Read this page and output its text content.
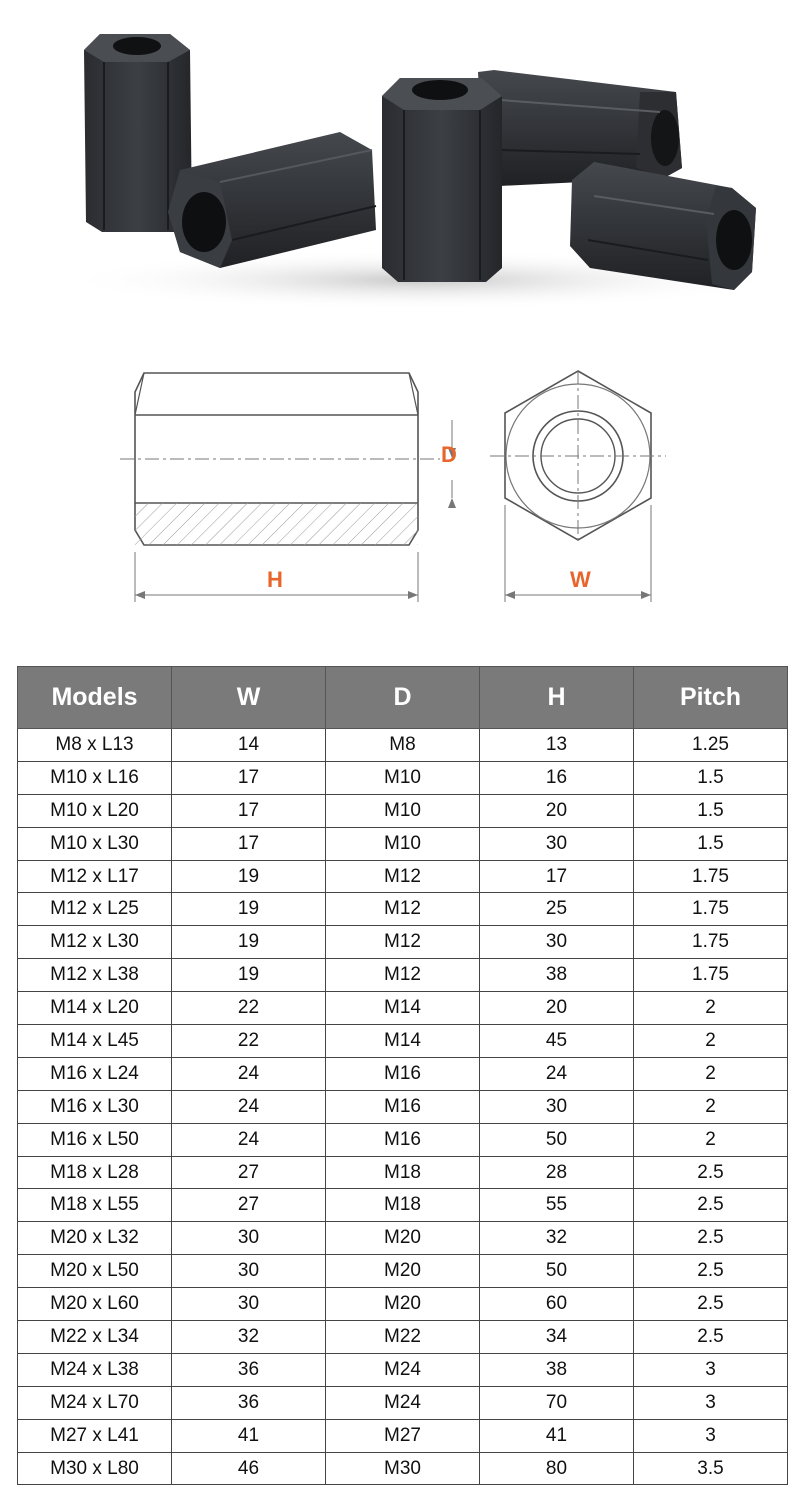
D
H	W
Models	W	D	H	Pitch
M8 x L13	14	M8	13	1.25
M10 x L16	17	M10	16	1.5
M10 x L20	17	M10	20	1.5
M10 x L30	17	M10	30	1.5
M12 x L17	19	M12	17	1.75
M12 x L25	19	M12	25	1.75
M12 x L30	19	M12	30	1.75
M12 x L38	19	M12	38	1.75
M14 x L20	22	M14	20	2
M14 x L45	22	M14	45	2
M16 x L24	24	M16	24	2
M16 x L30	24	M16	30	2
M16 x L50	24	M16	50	2
M18 x L28	27	M18	28	2.5
M18 x L55	27	M18	55	2.5
M20 x L32	30	M20	32	2.5
M20 x L50	30	M20	50	2.5
M20 x L60	30	M20	60	2.5
M22 x L34	32	M22	34	2.5
M24 x L38	36	M24	38	3
M24 x L70	36	M24	70	3
M27 x L41	41	M27	41	3
M30 x L80	46	M30	80	3.5
